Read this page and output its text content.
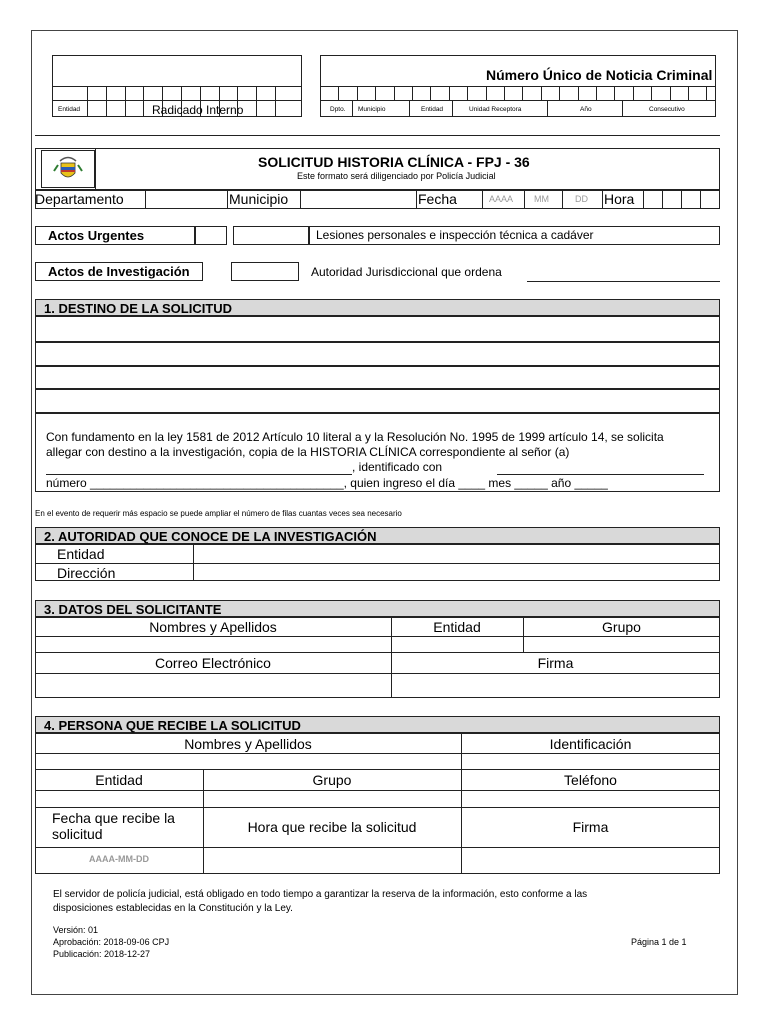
Entidad	Radicado Interno
Número Único de Noticia Criminal
Dpto. Municipio	Entidad	Unidad Receptora	Año	Consecutivo
SOLICITUD HISTORIA CLÍNICA - FPJ - 36
Este formato será diligenciado por Policía Judicial
Departamento	Municipio	Fecha	AAAA MM	DD Hora
Actos Urgentes	Lesiones personales e inspección técnica a cadáver
Actos de Investigación	Autoridad Jurisdiccional que ordena
1. DESTINO DE LA SOLICITUD
Con fundamento en la ley 1581 de 2012 Artículo 10 literal a y la Resolución No. 1995 de 1999 artículo 14, se solicita
allegar con destino a la investigación, copia de la HISTORIA CLÍNICA correspondiente al señor (a)
, identificado con
número ______________________________________, quien ingreso el día ____ mes _____ año _____
En el evento de requerir más espacio se puede ampliar el número de filas cuantas veces sea necesario
2. AUTORIDAD QUE CONOCE DE LA INVESTIGACIÓN
Entidad
Dirección
3. DATOS DEL SOLICITANTE
Nombres y Apellidos	Entidad	Grupo
Correo Electrónico	Firma
4. PERSONA QUE RECIBE LA SOLICITUD
Nombres y Apellidos	Identificación
Entidad	Grupo	Teléfono
Fecha que recibe la
solicitud	Hora que recibe la solicitud	Firma
AAAA-MM-DD
El servidor de policía judicial, está obligado en todo tiempo a garantizar la reserva de la información, esto conforme a las
disposiciones establecidas en la Constitución y la Ley.
Versión: 01
Aprobación: 2018-09-06 CPJ
Publicación: 2018-12-27
Página 1 de 1
